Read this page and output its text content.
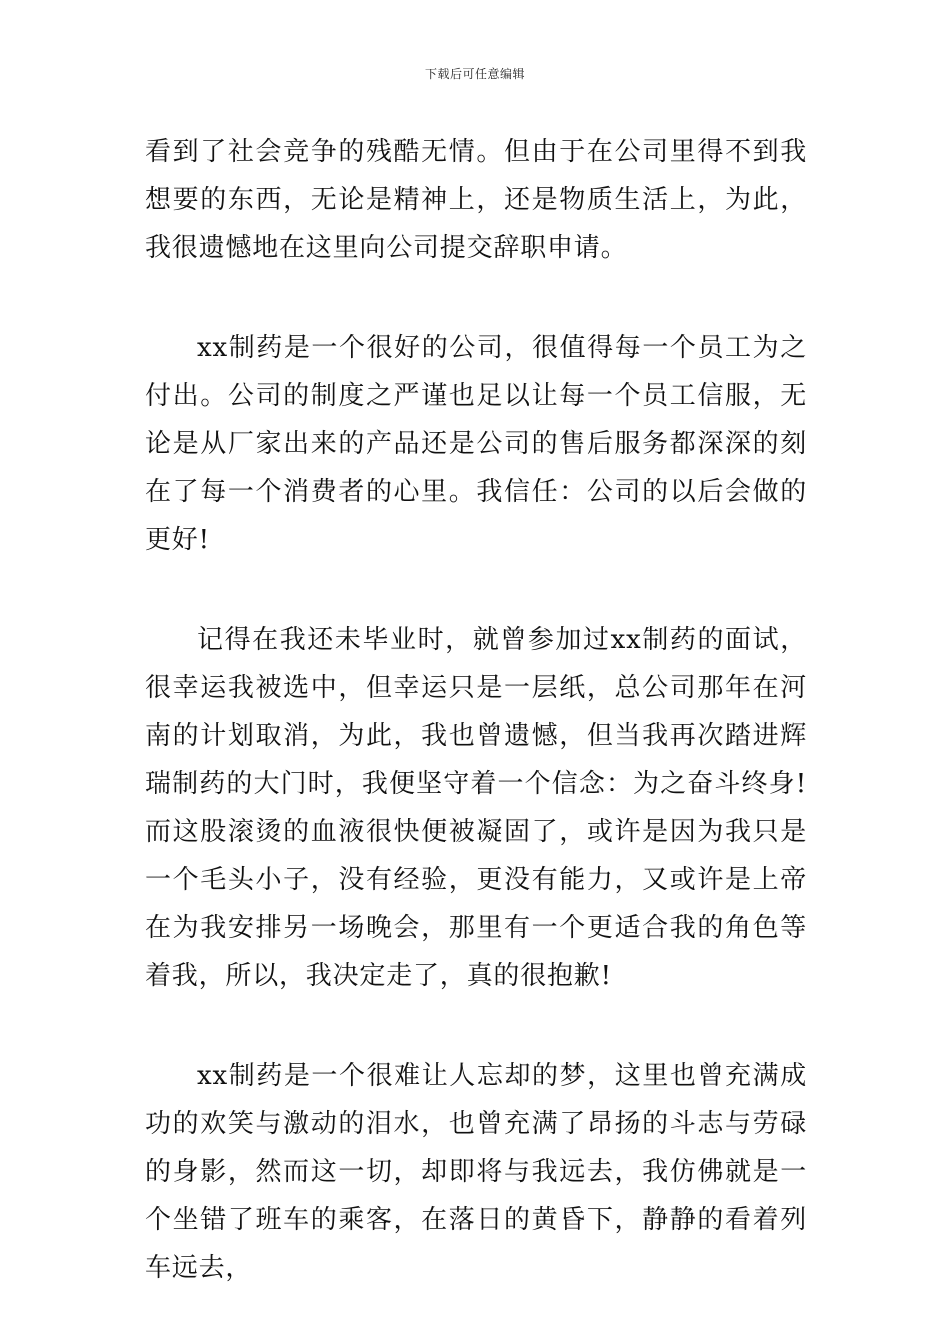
下载后可任意编辑

看到了社会竞争的残酷无情。但由于在公司里得不到我想要的东西，无论是精神上，还是物质生活上，为此，我很遗憾地在这里向公司提交辞职申请。

xx制药是一个很好的公司，很值得每一个员工为之付出。公司的制度之严谨也足以让每一个员工信服，无论是从厂家出来的产品还是公司的售后服务都深深的刻在了每一个消费者的心里。我信任：公司的以后会做的更好!

记得在我还未毕业时，就曾参加过xx制药的面试，很幸运我被选中，但幸运只是一层纸，总公司那年在河南的计划取消，为此，我也曾遗憾，但当我再次踏进辉瑞制药的大门时，我便坚守着一个信念：为之奋斗终身!而这股滚烫的血液很快便被凝固了，或许是因为我只是一个毛头小子，没有经验，更没有能力，又或许是上帝在为我安排另一场晚会，那里有一个更适合我的角色等着我，所以，我决定走了，真的很抱歉!

xx制药是一个很难让人忘却的梦，这里也曾充满成功的欢笑与激动的泪水，也曾充满了昂扬的斗志与劳碌的身影，然而这一切，却即将与我远去，我仿佛就是一个坐错了班车的乘客，在落日的黄昏下，静静的看着列车远去，
